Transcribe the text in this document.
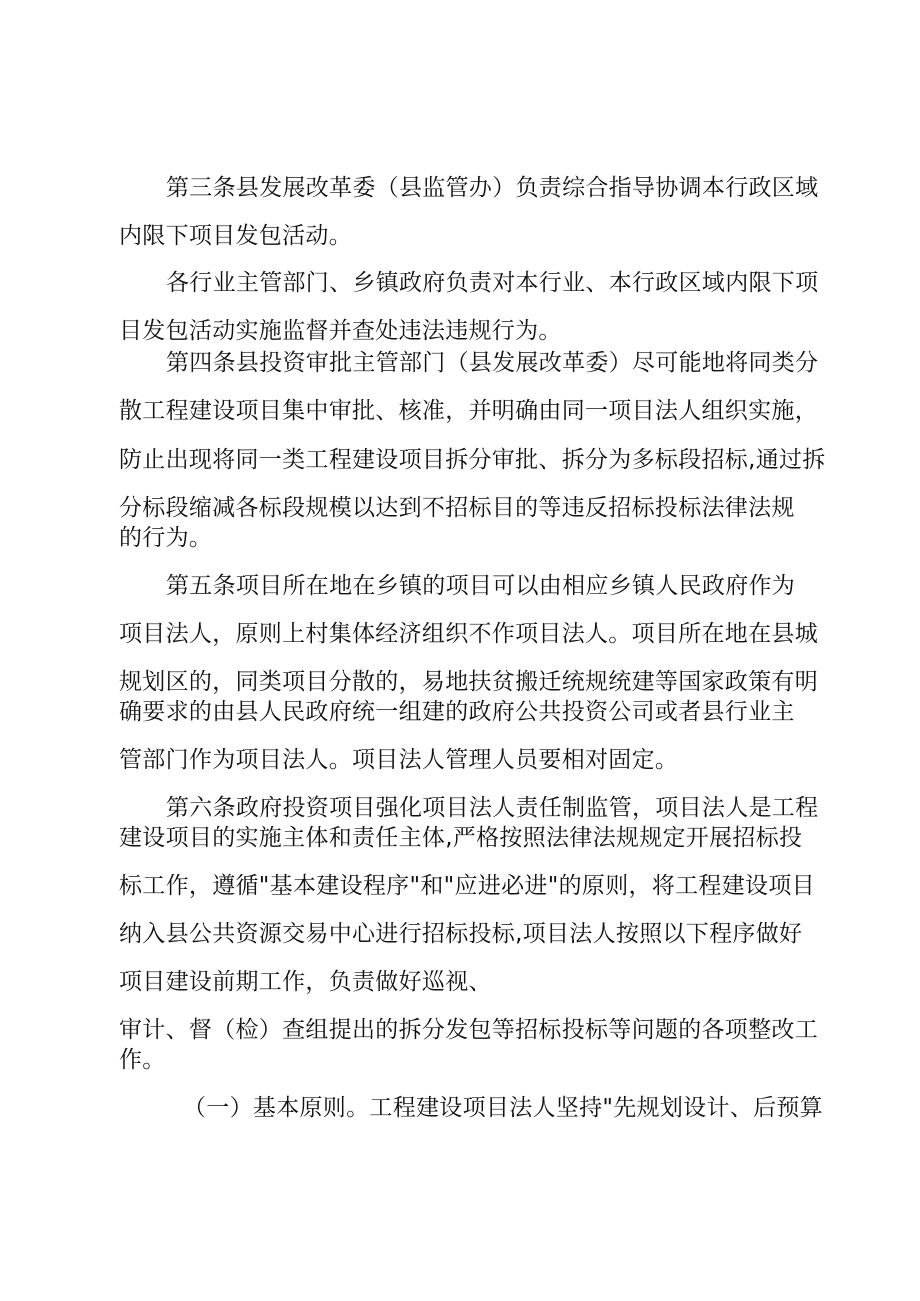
第三条县发展改革委（县监管办）负责综合指导协调本行政区域
内限下项目发包活动。
各行业主管部门、乡镇政府负责对本行业、本行政区域内限下项
目发包活动实施监督并查处违法违规行为。
第四条县投资审批主管部门（县发展改革委）尽可能地将同类分
散工程建设项目集中审批、核准，并明确由同一项目法人组织实施，
防止出现将同一类工程建设项目拆分审批、拆分为多标段招标,通过拆
分标段缩减各标段规模以达到不招标目的等违反招标投标法律法规
的行为。
第五条项目所在地在乡镇的项目可以由相应乡镇人民政府作为
项目法人，原则上村集体经济组织不作项目法人。项目所在地在县城
规划区的，同类项目分散的，易地扶贫搬迁统规统建等国家政策有明
确要求的由县人民政府统一组建的政府公共投资公司或者县行业主
管部门作为项目法人。项目法人管理人员要相对固定。
第六条政府投资项目强化项目法人责任制监管，项目法人是工程
建设项目的实施主体和责任主体,严格按照法律法规规定开展招标投
标工作，遵循"基本建设程序"和"应进必进"的原则，将工程建设项目
纳入县公共资源交易中心进行招标投标,项目法人按照以下程序做好
项目建设前期工作，负责做好巡视、
审计、督（检）查组提出的拆分发包等招标投标等问题的各项整改工
作。
（一）基本原则。工程建设项目法人坚持"先规划设计、后预算
